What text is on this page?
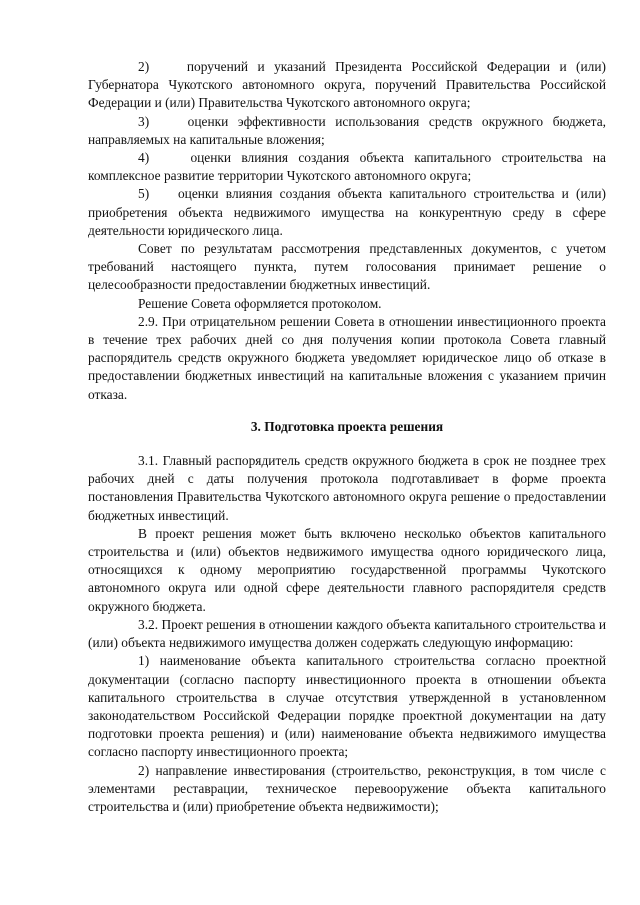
2)    поручений и указаний Президента Российской Федерации и (или) Губернатора Чукотского автономного округа, поручений Правительства Российской Федерации и (или) Правительства Чукотского автономного округа;

3)    оценки эффективности использования средств окружного бюджета, направляемых на капитальные вложения;

4)    оценки влияния создания объекта капитального строительства на комплексное развитие территории Чукотского автономного округа;

5)    оценки влияния создания объекта капитального строительства и (или) приобретения объекта недвижимого имущества на конкурентную среду в сфере деятельности юридического лица.

Совет по результатам рассмотрения представленных документов, с учетом требований настоящего пункта, путем голосования принимает решение о целесообразности предоставлении бюджетных инвестиций.

Решение Совета оформляется протоколом.

2.9. При отрицательном решении Совета в отношении инвестиционного проекта в течение трех рабочих дней со дня получения копии протокола Совета главный распорядитель средств окружного бюджета уведомляет юридическое лицо об отказе в предоставлении бюджетных инвестиций на капитальные вложения с указанием причин отказа.

3. Подготовка проекта решения

3.1. Главный распорядитель средств окружного бюджета в срок не позднее трех рабочих дней с даты получения протокола подготавливает в форме проекта постановления Правительства Чукотского автономного округа решение о предоставлении бюджетных инвестиций.

В проект решения может быть включено несколько объектов капитального строительства и (или) объектов недвижимого имущества одного юридического лица, относящихся к одному мероприятию государственной программы Чукотского автономного округа или одной сфере деятельности главного распорядителя средств окружного бюджета.

3.2. Проект решения в отношении каждого объекта капитального строительства и (или) объекта недвижимого имущества должен содержать следующую информацию:

1) наименование объекта капитального строительства согласно проектной документации (согласно паспорту инвестиционного проекта в отношении объекта капитального строительства в случае отсутствия утвержденной в установленном законодательством Российской Федерации порядке проектной документации на дату подготовки проекта решения) и (или) наименование объекта недвижимого имущества согласно паспорту инвестиционного проекта;

2) направление инвестирования (строительство, реконструкция, в том числе с элементами реставрации, техническое перевооружение объекта капитального строительства и (или) приобретение объекта недвижимости);
